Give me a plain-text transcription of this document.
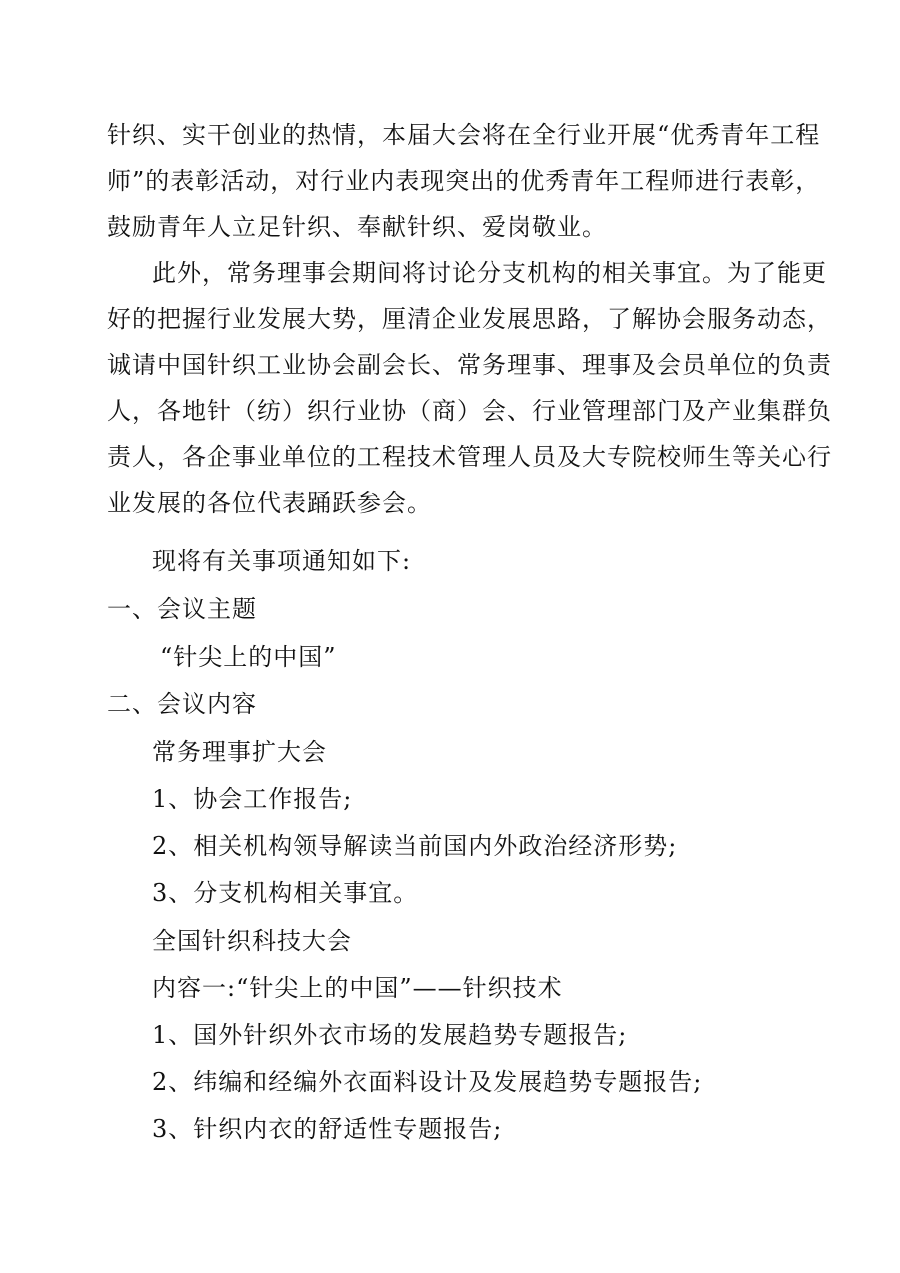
针织、实干创业的热情，本届大会将在全行业开展“优秀青年工程
师”的表彰活动，对行业内表现突出的优秀青年工程师进行表彰，
鼓励青年人立足针织、奉献针织、爱岗敬业。
此外，常务理事会期间将讨论分支机构的相关事宜。为了能更
好的把握行业发展大势，厘清企业发展思路，了解协会服务动态，
诚请中国针织工业协会副会长、常务理事、理事及会员单位的负责
人，各地针（纺）织行业协（商）会、行业管理部门及产业集群负
责人，各企事业单位的工程技术管理人员及大专院校师生等关心行
业发展的各位代表踊跃参会。
现将有关事项通知如下:
一、会议主题
“针尖上的中国”
二、会议内容
常务理事扩大会
1、协会工作报告;
2、相关机构领导解读当前国内外政治经济形势;
3、分支机构相关事宜。
全国针织科技大会
内容一:“针尖上的中国”——针织技术
1、国外针织外衣市场的发展趋势专题报告;
2、纬编和经编外衣面料设计及发展趋势专题报告;
3、针织内衣的舒适性专题报告;
